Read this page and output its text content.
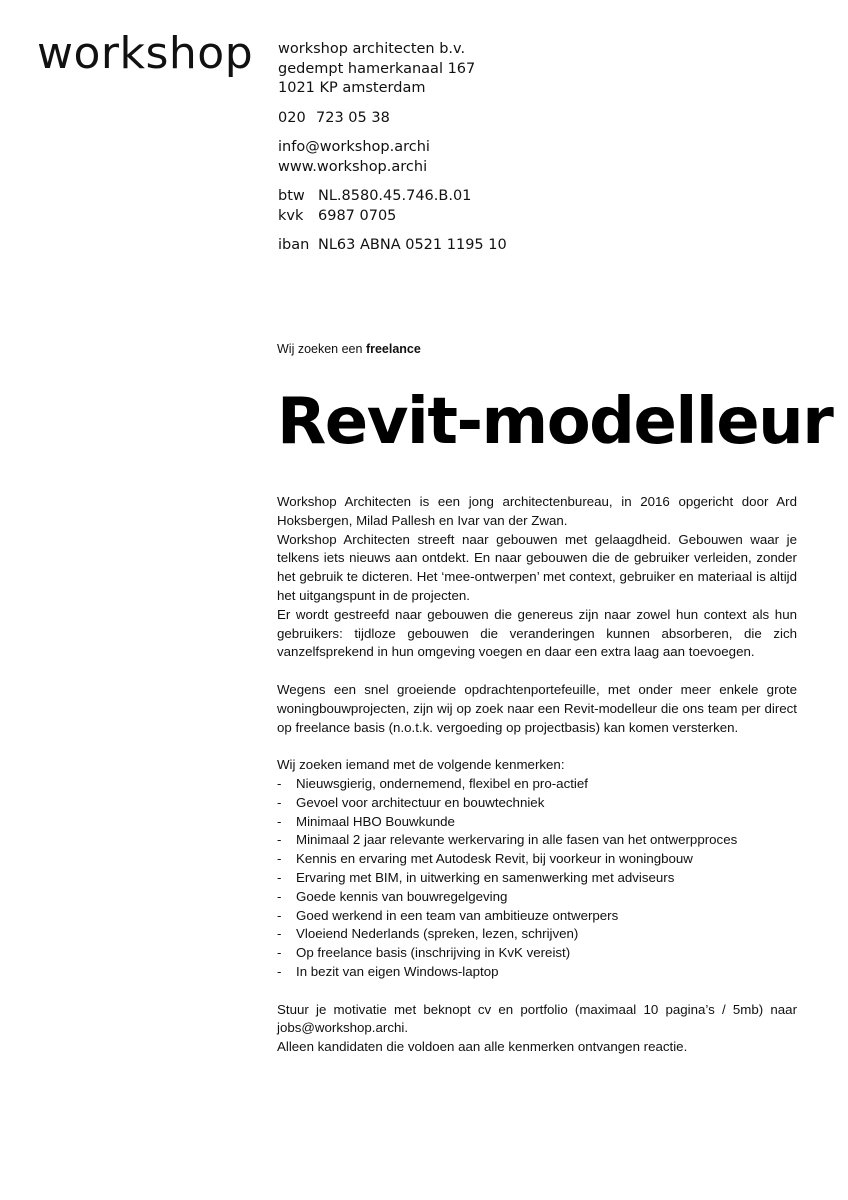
workshop workshop architecten b.v.
gedempt hamerkanaal 167
1021 KP amsterdam
020 723 05 38
info@workshop.archi
www.workshop.archi
btw NL.8580.45.746.B.01
kvk	6987 0705
iban NL63 ABNA 0521 1195 10
Wij zoeken een freelance
Revit-modelleur

Workshop Architecten is een jong architectenbureau, in 2016 opgericht door Ard Hoksbergen, Milad Pallesh en Ivar van der Zwan.

Workshop Architecten streeft naar gebouwen met gelaagdheid. Gebouwen waar je telkens iets nieuws aan ontdekt. En naar gebouwen die de gebruiker verleiden, zonder het gebruik te dicteren. Het ‘mee-ontwerpen’ met context, gebruiker en materiaal is altijd het uitgangspunt in de projecten.

Er wordt gestreefd naar gebouwen die genereus zijn naar zowel hun context als hun gebruikers: tijdloze gebouwen die veranderingen kunnen absorberen, die zich vanzelfsprekend in hun omgeving voegen en daar een extra laag aan toevoegen.

Wegens een snel groeiende opdrachtenportefeuille, met onder meer enkele grote woningbouwprojecten, zijn wij op zoek naar een Revit-modelleur die ons team per direct op freelance basis (n.o.t.k. vergoeding op projectbasis) kan komen versterken.

Wij zoeken iemand met de volgende kenmerken:

-	Nieuwsgierig, ondernemend, flexibel en pro-actief
-	Gevoel voor architectuur en bouwtechniek
-	Minimaal HBO Bouwkunde
-	Minimaal 2 jaar relevante werkervaring in alle fasen van het ontwerpproces
-	Kennis en ervaring met Autodesk Revit, bij voorkeur in woningbouw
-	Ervaring met BIM, in uitwerking en samenwerking met adviseurs
-	Goede kennis van bouwregelgeving
-	Goed werkend in een team van ambitieuze ontwerpers
-	Vloeiend Nederlands (spreken, lezen, schrijven)
-	Op freelance basis (inschrijving in KvK vereist)
-	In bezit van eigen Windows-laptop

Stuur je motivatie met beknopt cv en portfolio (maximaal 10 pagina’s / 5mb) naar jobs@workshop.archi.

Alleen kandidaten die voldoen aan alle kenmerken ontvangen reactie.
